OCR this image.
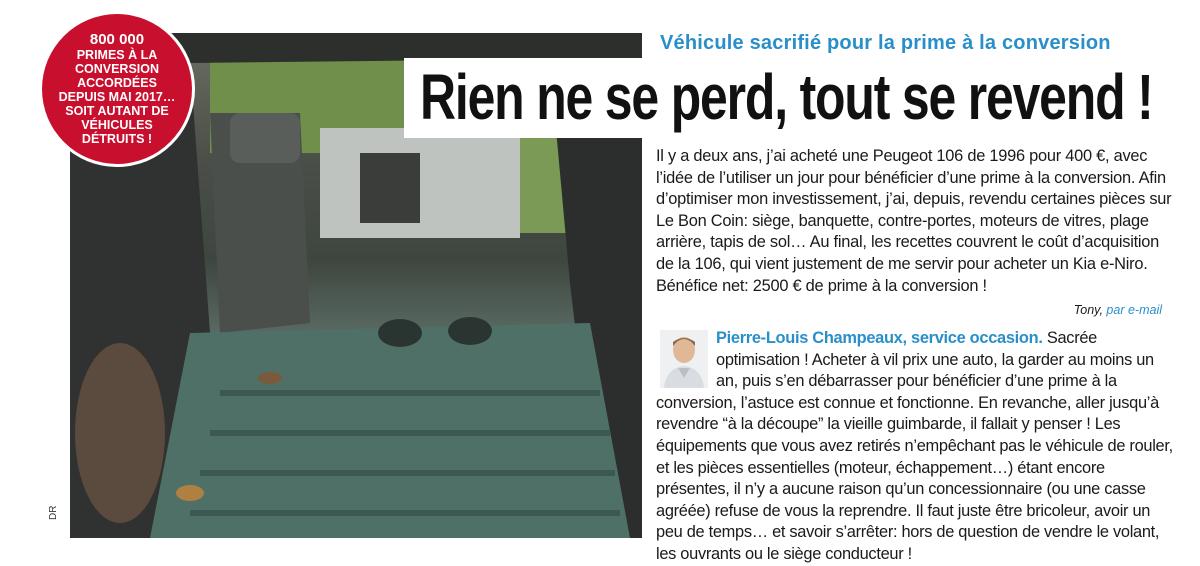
DR
800 000
PRIMES À LA CONVERSION ACCORDÉES DEPUIS MAI 2017… SOIT AUTANT DE VÉHICULES DÉTRUITS !
Véhicule sacrifié pour la prime à la conversion
Rien ne se perd, tout se revend !
Il y a deux ans, j’ai acheté une Peugeot 106 de 1996 pour 400 €, avec l’idée de l’utiliser un jour pour bénéficier d’une prime à la conversion. Afin d’optimiser mon investissement, j’ai, depuis, revendu certaines pièces sur Le Bon Coin: siège, banquette, contre-portes, moteurs de vitres, plage arrière, tapis de sol… Au final, les recettes couvrent le coût d’acquisition de la 106, qui vient justement de me servir pour acheter un Kia e-Niro. Bénéfice net: 2500 € de prime à la conversion !
Tony, par e-mail
Pierre-Louis Champeaux, service occasion. Sacrée optimisation ! Acheter à vil prix une auto, la garder au moins un an, puis s’en débarrasser pour bénéficier d’une prime à la conversion, l’astuce est connue et fonctionne. En revanche, aller jusqu’à revendre “à la découpe” la vieille guimbarde, il fallait y penser ! Les équipements que vous avez retirés n’empêchant pas le véhicule de rouler, et les pièces essentielles (moteur, échappement…) étant encore présentes, il n’y a aucune raison qu’un concessionnaire (ou une casse agréée) refuse de vous la reprendre. Il faut juste être bricoleur, avoir un peu de temps… et savoir s’arrêter: hors de question de vendre le volant, les ouvrants ou le siège conducteur !
